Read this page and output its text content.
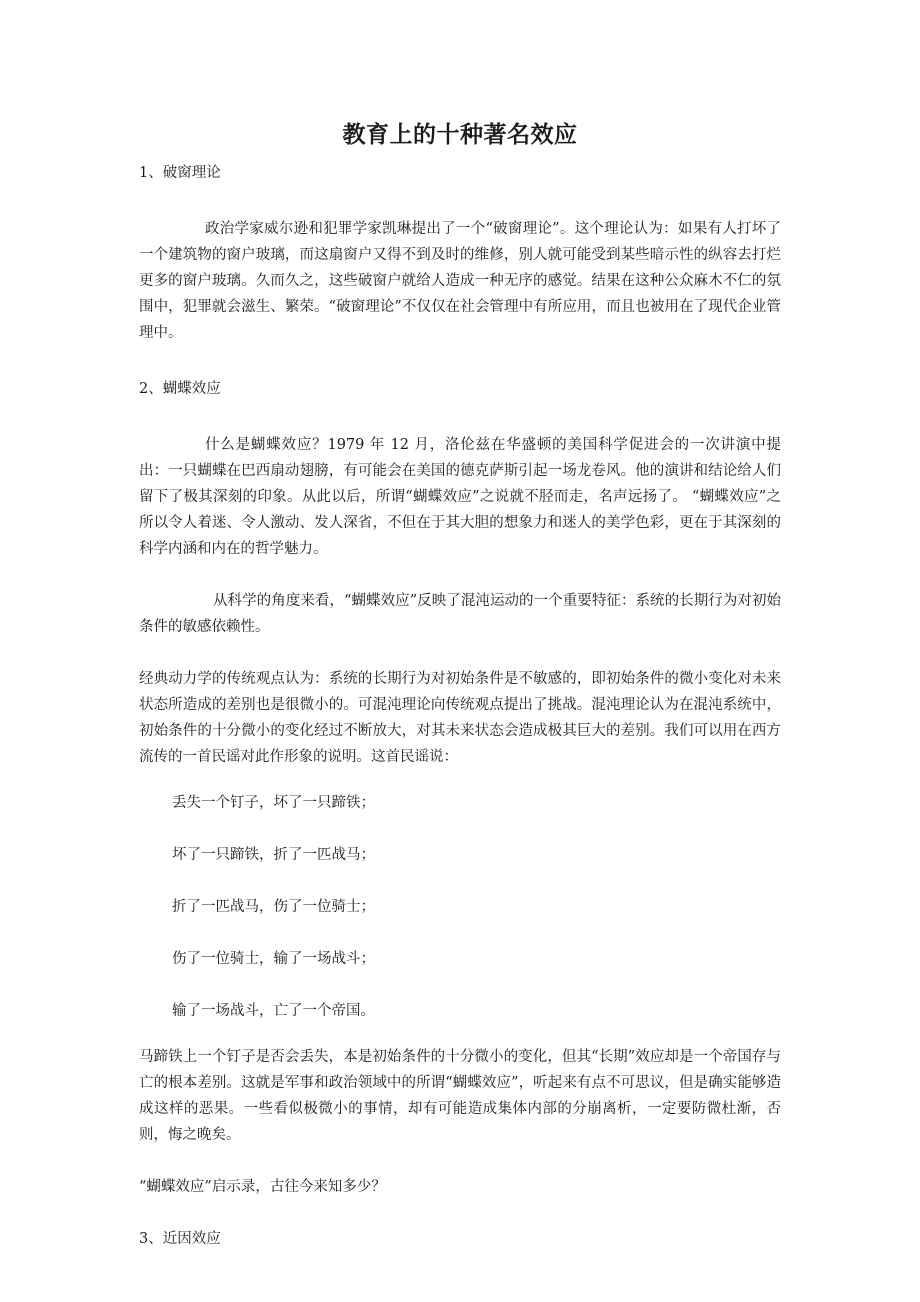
教育上的十种著名效应

1、破窗理论

政治学家威尔逊和犯罪学家凯琳提出了一个“破窗理论”。这个理论认为：如果有人打坏了一个建筑物的窗户玻璃，而这扇窗户又得不到及时的维修，别人就可能受到某些暗示性的纵容去打烂更多的窗户玻璃。久而久之，这些破窗户就给人造成一种无序的感觉。结果在这种公众麻木不仁的氛围中，犯罪就会滋生、繁荣。“破窗理论”不仅仅在社会管理中有所应用，而且也被用在了现代企业管理中。

2、蝴蝶效应

什么是蝴蝶效应？1979 年 12 月，洛伦兹在华盛顿的美国科学促进会的一次讲演中提出：一只蝴蝶在巴西扇动翅膀，有可能会在美国的德克萨斯引起一场龙卷风。他的演讲和结论给人们留下了极其深刻的印象。从此以后，所谓“蝴蝶效应”之说就不胫而走，名声远扬了。 “蝴蝶效应”之所以令人着迷、令人激动、发人深省，不但在于其大胆的想象力和迷人的美学色彩，更在于其深刻的科学内涵和内在的哲学魅力。

从科学的角度来看，“蝴蝶效应”反映了混沌运动的一个重要特征：系统的长期行为对初始条件的敏感依赖性。

经典动力学的传统观点认为：系统的长期行为对初始条件是不敏感的，即初始条件的微小变化对未来状态所造成的差别也是很微小的。可混沌理论向传统观点提出了挑战。混沌理论认为在混沌系统中，初始条件的十分微小的变化经过不断放大，对其未来状态会造成极其巨大的差别。我们可以用在西方流传的一首民谣对此作形象的说明。这首民谣说：

丢失一个钉子，坏了一只蹄铁；

坏了一只蹄铁，折了一匹战马；

折了一匹战马，伤了一位骑士；

伤了一位骑士，输了一场战斗；

输了一场战斗，亡了一个帝国。

马蹄铁上一个钉子是否会丢失，本是初始条件的十分微小的变化，但其“长期”效应却是一个帝国存与亡的根本差别。这就是军事和政治领域中的所谓“蝴蝶效应”，听起来有点不可思议，但是确实能够造成这样的恶果。一些看似极微小的事情，却有可能造成集体内部的分崩离析，一定要防微杜渐，否则，悔之晚矣。

“蝴蝶效应”启示录，古往今来知多少？

3、近因效应
